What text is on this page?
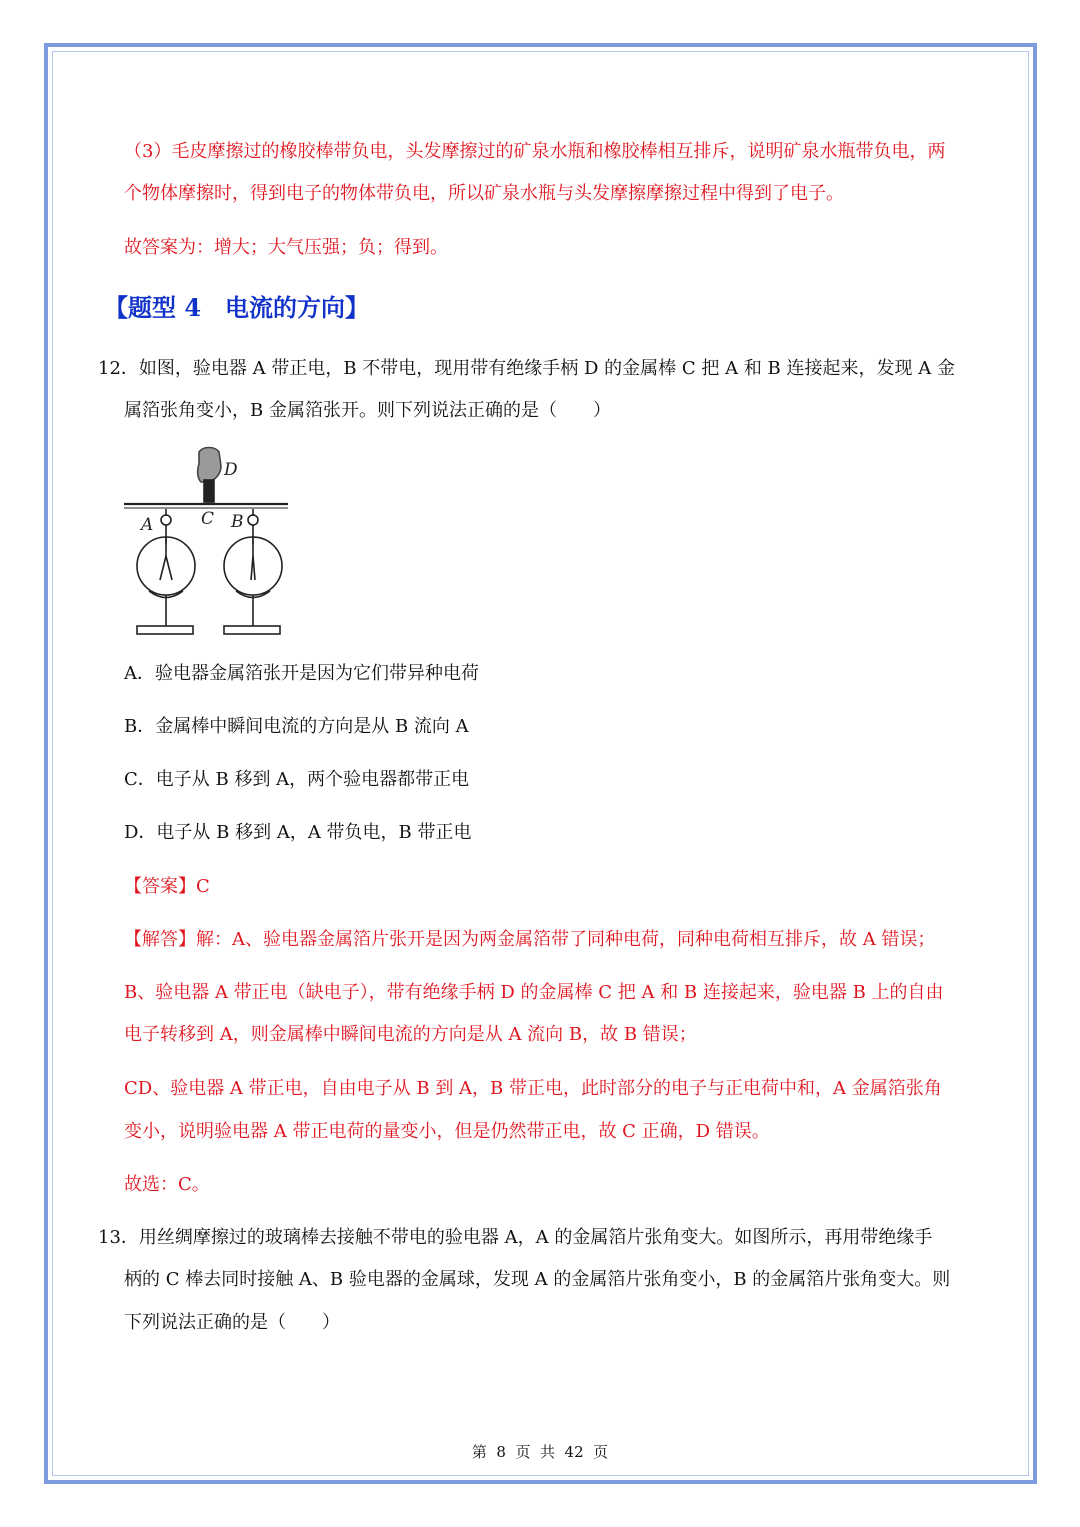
（3）毛皮摩擦过的橡胶棒带负电，头发摩擦过的矿泉水瓶和橡胶棒相互排斥，说明矿泉水瓶带负电，两
个物体摩擦时，得到电子的物体带负电，所以矿泉水瓶与头发摩擦摩擦过程中得到了电子。
故答案为：增大；大气压强；负；得到。
【题型 4　电流的方向】
12．如图，验电器 A 带正电，B 不带电，现用带有绝缘手柄 D 的金属棒 C 把 A 和 B 连接起来，发现 A 金
属箔张角变小，B 金属箔张开。则下列说法正确的是（　　）
D
C
A	B
A．验电器金属箔张开是因为它们带异种电荷
B．金属棒中瞬间电流的方向是从 B 流向 A
C．电子从 B 移到 A，两个验电器都带正电
D．电子从 B 移到 A，A 带负电，B 带正电
【答案】C
【解答】解：A、验电器金属箔片张开是因为两金属箔带了同种电荷，同种电荷相互排斥，故 A 错误；
B、验电器 A 带正电（缺电子），带有绝缘手柄 D 的金属棒 C 把 A 和 B 连接起来，验电器 B 上的自由
电子转移到 A，则金属棒中瞬间电流的方向是从 A 流向 B，故 B 错误；
CD、验电器 A 带正电，自由电子从 B 到 A，B 带正电，此时部分的电子与正电荷中和，A 金属箔张角
变小，说明验电器 A 带正电荷的量变小，但是仍然带正电，故 C 正确，D 错误。
故选：C。
13．用丝绸摩擦过的玻璃棒去接触不带电的验电器 A，A 的金属箔片张角变大。如图所示，再用带绝缘手
柄的 C 棒去同时接触 A、B 验电器的金属球，发现 A 的金属箔片张角变小，B 的金属箔片张角变大。则
下列说法正确的是（　　）
第  8  页  共  42  页
